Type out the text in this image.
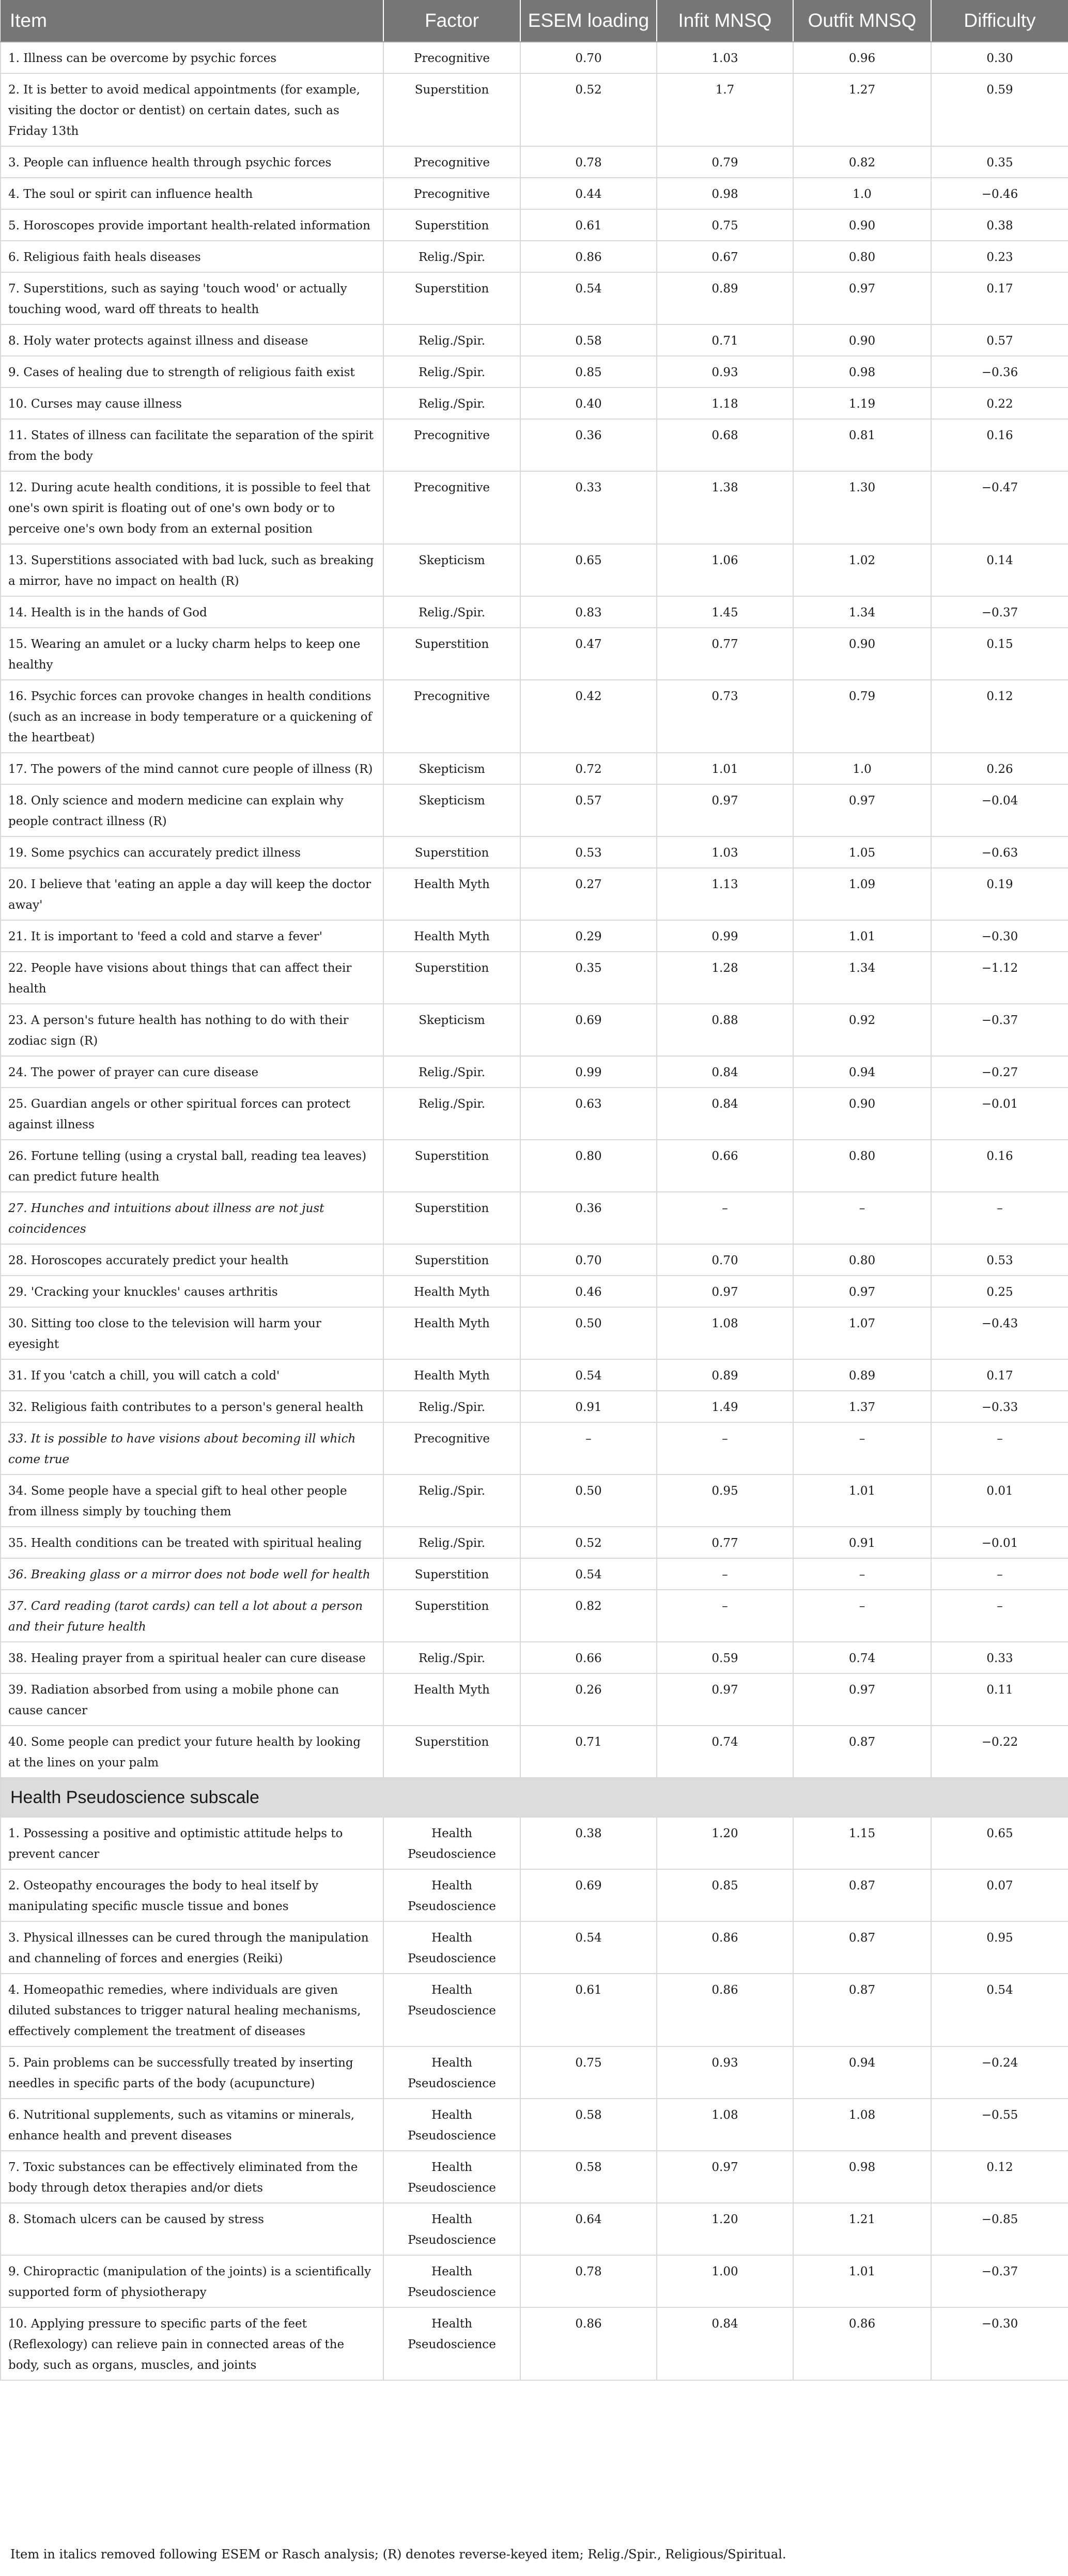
Item	Factor	ESEM loading	Infit MNSQ	Outfit MNSQ	Difficulty
1. Illness can be overcome by psychic forces	Precognitive	0.70	1.03	0.96	0.30
2. It is better to avoid medical appointments (for example, visiting the doctor or dentist) on certain dates, such as Friday 13th	Superstition	0.52	1.7	1.27	0.59
3. People can influence health through psychic forces	Precognitive	0.78	0.79	0.82	0.35
4. The soul or spirit can influence health	Precognitive	0.44	0.98	1.0	−0.46
5. Horoscopes provide important health-related information	Superstition	0.61	0.75	0.90	0.38
6. Religious faith heals diseases	Relig./Spir.	0.86	0.67	0.80	0.23
7. Superstitions, such as saying 'touch wood' or actually touching wood, ward off threats to health	Superstition	0.54	0.89	0.97	0.17
8. Holy water protects against illness and disease	Relig./Spir.	0.58	0.71	0.90	0.57
9. Cases of healing due to strength of religious faith exist	Relig./Spir.	0.85	0.93	0.98	−0.36
10. Curses may cause illness	Relig./Spir.	0.40	1.18	1.19	0.22
11. States of illness can facilitate the separation of the spirit from the body	Precognitive	0.36	0.68	0.81	0.16
12. During acute health conditions, it is possible to feel that one's own spirit is floating out of one's own body or to perceive one's own body from an external position	Precognitive	0.33	1.38	1.30	−0.47
13. Superstitions associated with bad luck, such as breaking a mirror, have no impact on health (R)	Skepticism	0.65	1.06	1.02	0.14
14. Health is in the hands of God	Relig./Spir.	0.83	1.45	1.34	−0.37
15. Wearing an amulet or a lucky charm helps to keep one healthy	Superstition	0.47	0.77	0.90	0.15
16. Psychic forces can provoke changes in health conditions (such as an increase in body temperature or a quickening of the heartbeat)	Precognitive	0.42	0.73	0.79	0.12
17. The powers of the mind cannot cure people of illness (R)	Skepticism	0.72	1.01	1.0	0.26
18. Only science and modern medicine can explain why people contract illness (R)	Skepticism	0.57	0.97	0.97	−0.04
19. Some psychics can accurately predict illness	Superstition	0.53	1.03	1.05	−0.63
20. I believe that 'eating an apple a day will keep the doctor away'	Health Myth	0.27	1.13	1.09	0.19
21. It is important to 'feed a cold and starve a fever'	Health Myth	0.29	0.99	1.01	−0.30
22. People have visions about things that can affect their health	Superstition	0.35	1.28	1.34	−1.12
23. A person's future health has nothing to do with their zodiac sign (R)	Skepticism	0.69	0.88	0.92	−0.37
24. The power of prayer can cure disease	Relig./Spir.	0.99	0.84	0.94	−0.27
25. Guardian angels or other spiritual forces can protect against illness	Relig./Spir.	0.63	0.84	0.90	−0.01
26. Fortune telling (using a crystal ball, reading tea leaves) can predict future health	Superstition	0.80	0.66	0.80	0.16
27. Hunches and intuitions about illness are not just coincidences	Superstition	0.36	–	–	–
28. Horoscopes accurately predict your health	Superstition	0.70	0.70	0.80	0.53
29. 'Cracking your knuckles' causes arthritis	Health Myth	0.46	0.97	0.97	0.25
30. Sitting too close to the television will harm your eyesight	Health Myth	0.50	1.08	1.07	−0.43
31. If you 'catch a chill, you will catch a cold'	Health Myth	0.54	0.89	0.89	0.17
32. Religious faith contributes to a person's general health	Relig./Spir.	0.91	1.49	1.37	−0.33
33. It is possible to have visions about becoming ill which come true	Precognitive	–	–	–	–
34. Some people have a special gift to heal other people from illness simply by touching them	Relig./Spir.	0.50	0.95	1.01	0.01
35. Health conditions can be treated with spiritual healing	Relig./Spir.	0.52	0.77	0.91	−0.01
36. Breaking glass or a mirror does not bode well for health	Superstition	0.54	–	–	–
37. Card reading (tarot cards) can tell a lot about a person and their future health	Superstition	0.82	–	–	–
38. Healing prayer from a spiritual healer can cure disease	Relig./Spir.	0.66	0.59	0.74	0.33
39. Radiation absorbed from using a mobile phone can cause cancer	Health Myth	0.26	0.97	0.97	0.11
40. Some people can predict your future health by looking at the lines on your palm	Superstition	0.71	0.74	0.87	−0.22
Health Pseudoscience subscale					
1. Possessing a positive and optimistic attitude helps to prevent cancer	Health Pseudoscience	0.38	1.20	1.15	0.65
2. Osteopathy encourages the body to heal itself by manipulating specific muscle tissue and bones	Health Pseudoscience	0.69	0.85	0.87	0.07
3. Physical illnesses can be cured through the manipulation and channeling of forces and energies (Reiki)	Health Pseudoscience	0.54	0.86	0.87	0.95
4. Homeopathic remedies, where individuals are given diluted substances to trigger natural healing mechanisms, effectively complement the treatment of diseases	Health Pseudoscience	0.61	0.86	0.87	0.54
5. Pain problems can be successfully treated by inserting needles in specific parts of the body (acupuncture)	Health Pseudoscience	0.75	0.93	0.94	−0.24
6. Nutritional supplements, such as vitamins or minerals, enhance health and prevent diseases	Health Pseudoscience	0.58	1.08	1.08	−0.55
7. Toxic substances can be effectively eliminated from the body through detox therapies and/or diets	Health Pseudoscience	0.58	0.97	0.98	0.12
8. Stomach ulcers can be caused by stress	Health Pseudoscience	0.64	1.20	1.21	−0.85
9. Chiropractic (manipulation of the joints) is a scientifically supported form of physiotherapy	Health Pseudoscience	0.78	1.00	1.01	−0.37
10. Applying pressure to specific parts of the feet (Reflexology) can relieve pain in connected areas of the body, such as organs, muscles, and joints	Health Pseudoscience	0.86	0.84	0.86	−0.30
Item in italics removed following ESEM or Rasch analysis; (R) denotes reverse-keyed item; Relig./Spir., Religious/Spiritual.
